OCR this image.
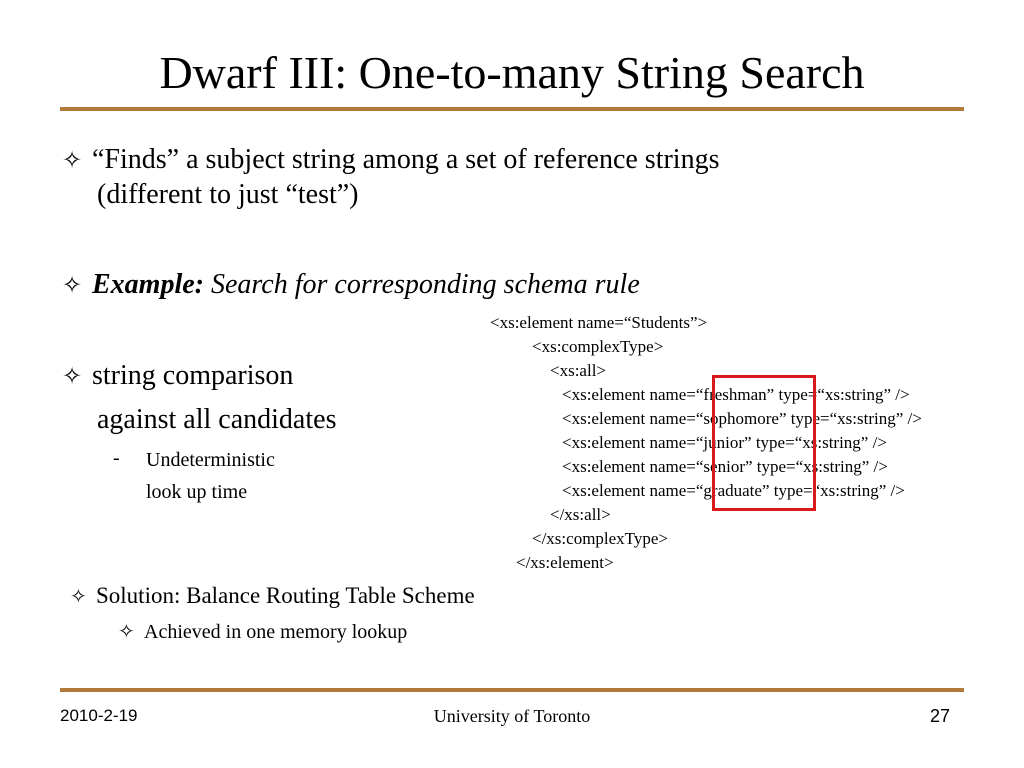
Dwarf III: One-to-many String Search
✧ “Finds” a subject string among a set of reference strings
(different to just “test”)
✧ Example: Search for corresponding schema rule
✧ string comparison
against all candidates
- Undeterministic
look up time
✧ Solution: Balance Routing Table Scheme
✧ Achieved in one memory lookup
<xs:element name=“Students”>
<xs:complexType>
<xs:all>
<xs:element name=“freshman” type=“xs:string” />
<xs:element name=“sophomore” type=“xs:string” />
<xs:element name=“junior” type=“xs:string” />
<xs:element name=“senior” type=“xs:string” />
<xs:element name=“graduate” type=“xs:string” />
</xs:all>
</xs:complexType>
</xs:element>
2010-2-19	University of Toronto	27
